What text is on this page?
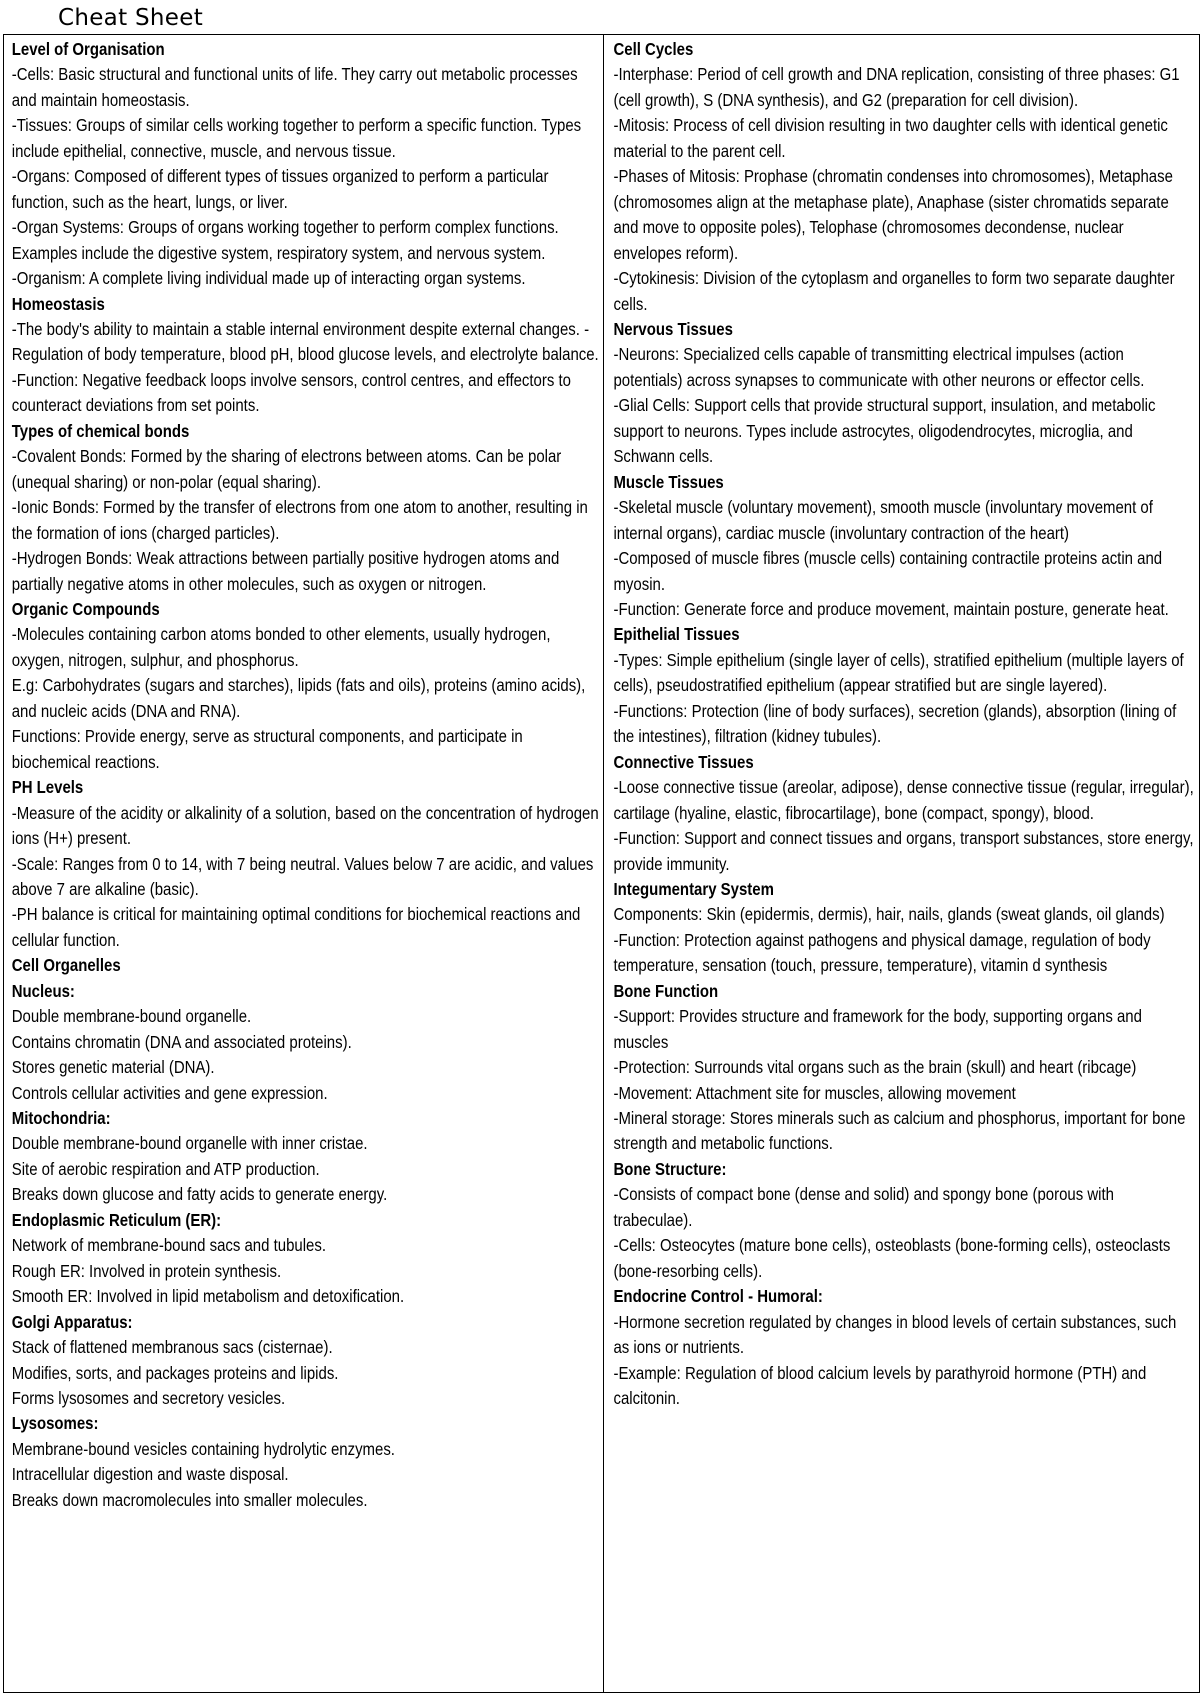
Cheat Sheet
Level of Organisation

-Cells: Basic structural and functional units of life. They carry out metabolic processes and maintain homeostasis.

-Tissues: Groups of similar cells working together to perform a specific function. Types include epithelial, connective, muscle, and nervous tissue.

-Organs: Composed of different types of tissues organized to perform a particular function, such as the heart, lungs, or liver.

-Organ Systems: Groups of organs working together to perform complex functions. Examples include the digestive system, respiratory system, and nervous system.

-Organism: A complete living individual made up of interacting organ systems.

Homeostasis

-The body's ability to maintain a stable internal environment despite external changes. - Regulation of body temperature, blood pH, blood glucose levels, and electrolyte balance.

-Function: Negative feedback loops involve sensors, control centres, and effectors to counteract deviations from set points.

Types of chemical bonds

-Covalent Bonds: Formed by the sharing of electrons between atoms. Can be polar (unequal sharing) or non-polar (equal sharing).

-Ionic Bonds: Formed by the transfer of electrons from one atom to another, resulting in the formation of ions (charged particles).

-Hydrogen Bonds: Weak attractions between partially positive hydrogen atoms and partially negative atoms in other molecules, such as oxygen or nitrogen.

Organic Compounds

-Molecules containing carbon atoms bonded to other elements, usually hydrogen, oxygen, nitrogen, sulphur, and phosphorus.

E.g: Carbohydrates (sugars and starches), lipids (fats and oils), proteins (amino acids), and nucleic acids (DNA and RNA).

Functions: Provide energy, serve as structural components, and participate in biochemical reactions.

PH Levels

-Measure of the acidity or alkalinity of a solution, based on the concentration of hydrogen ions (H+) present.

-Scale: Ranges from 0 to 14, with 7 being neutral. Values below 7 are acidic, and values above 7 are alkaline (basic).

-PH balance is critical for maintaining optimal conditions for biochemical reactions and cellular function.

Cell Organelles
Nucleus:

Double membrane-bound organelle.

Contains chromatin (DNA and associated proteins).

Stores genetic material (DNA).

Controls cellular activities and gene expression.

Mitochondria:

Double membrane-bound organelle with inner cristae.

Site of aerobic respiration and ATP production.

Breaks down glucose and fatty acids to generate energy.

Endoplasmic Reticulum (ER):

Network of membrane-bound sacs and tubules.

Rough ER: Involved in protein synthesis.

Smooth ER: Involved in lipid metabolism and detoxification.

Golgi Apparatus:

Stack of flattened membranous sacs (cisternae).

Modifies, sorts, and packages proteins and lipids.

Forms lysosomes and secretory vesicles.

Lysosomes:

Membrane-bound vesicles containing hydrolytic enzymes.

Intracellular digestion and waste disposal.

Breaks down macromolecules into smaller molecules.

Cell Cycles

-Interphase: Period of cell growth and DNA replication, consisting of three phases: G1 (cell growth), S (DNA synthesis), and G2 (preparation for cell division).

-Mitosis: Process of cell division resulting in two daughter cells with identical genetic material to the parent cell.

-Phases of Mitosis: Prophase (chromatin condenses into chromosomes), Metaphase (chromosomes align at the metaphase plate), Anaphase (sister chromatids separate and move to opposite poles), Telophase (chromosomes decondense, nuclear envelopes reform).

-Cytokinesis: Division of the cytoplasm and organelles to form two separate daughter cells.

Nervous Tissues

-Neurons: Specialized cells capable of transmitting electrical impulses (action potentials) across synapses to communicate with other neurons or effector cells.

-Glial Cells: Support cells that provide structural support, insulation, and metabolic support to neurons. Types include astrocytes, oligodendrocytes, microglia, and Schwann cells.

Muscle Tissues

-Skeletal muscle (voluntary movement), smooth muscle (involuntary movement of internal organs), cardiac muscle (involuntary contraction of the heart)

-Composed of muscle fibres (muscle cells) containing contractile proteins actin and myosin.

-Function: Generate force and produce movement, maintain posture, generate heat.

Epithelial Tissues

-Types: Simple epithelium (single layer of cells), stratified epithelium (multiple layers of cells), pseudostratified epithelium (appear stratified but are single layered).

-Functions: Protection (line of body surfaces), secretion (glands), absorption (lining of the intestines), filtration (kidney tubules).

Connective Tissues

-Loose connective tissue (areolar, adipose), dense connective tissue (regular, irregular), cartilage (hyaline, elastic, fibrocartilage), bone (compact, spongy), blood.

-Function: Support and connect tissues and organs, transport substances, store energy, provide immunity.

Integumentary System

Components: Skin (epidermis, dermis), hair, nails, glands (sweat glands, oil glands)

-Function: Protection against pathogens and physical damage, regulation of body temperature, sensation (touch, pressure, temperature), vitamin d synthesis

Bone Function

-Support: Provides structure and framework for the body, supporting organs and muscles

-Protection: Surrounds vital organs such as the brain (skull) and heart (ribcage)

-Movement: Attachment site for muscles, allowing movement

-Mineral storage: Stores minerals such as calcium and phosphorus, important for bone strength and metabolic functions.

Bone Structure:

-Consists of compact bone (dense and solid) and spongy bone (porous with trabeculae).

-Cells: Osteocytes (mature bone cells), osteoblasts (bone-forming cells), osteoclasts (bone-resorbing cells).

Endocrine Control - Humoral:

-Hormone secretion regulated by changes in blood levels of certain substances, such as ions or nutrients.

-Example: Regulation of blood calcium levels by parathyroid hormone (PTH) and calcitonin.
